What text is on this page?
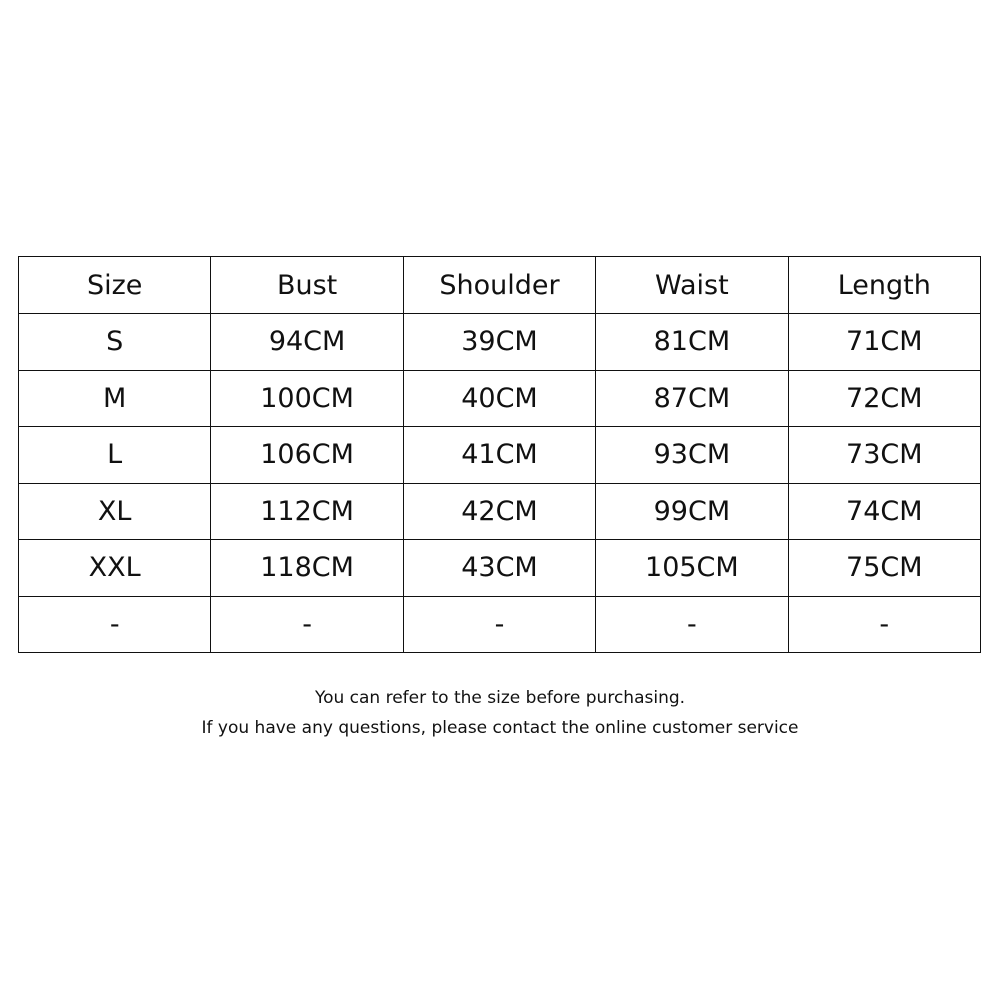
Size	Bust	Shoulder	Waist	Length
S	94CM	39CM	81CM	71CM
M	100CM	40CM	87CM	72CM
L	106CM	41CM	93CM	73CM
XL	112CM	42CM	99CM	74CM
XXL	118CM	43CM	105CM	75CM
-	-	-	-	-
You can refer to the size before purchasing.
If you have any questions, please contact the online customer service
